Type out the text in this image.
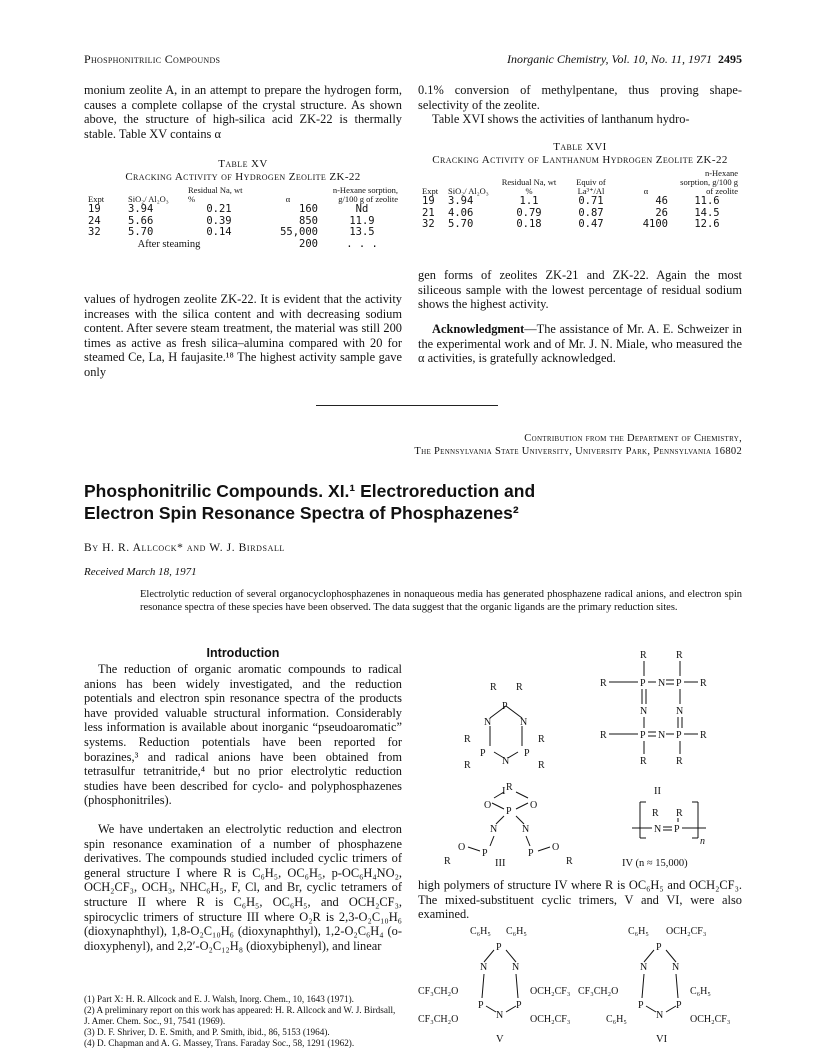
Phosphonitrilic Compounds	Inorganic Chemistry, Vol. 10, No. 11, 1971 2495

monium zeolite A, in an attempt to prepare the hydrogen form, causes a complete collapse of the crystal structure. As shown above, the structure of high-silica acid ZK-22 is thermally stable. Table XV contains α

Table XV
Cracking Activity of Hydrogen Zeolite ZK-22
Expt	SiO₂/ Al₂O₃	Residual Na, wt %	α	n-Hexane sorption, g/100 g of zeolite
19	3.94	0.21	160	Nd
24	5.66	0.39	850	11.9
32	5.70	0.14	55,000	13.5
After steaming			200	. . .

values of hydrogen zeolite ZK-22. It is evident that the activity increases with the silica content and with decreasing sodium content. After severe steam treatment, the material was still 200 times as active as fresh silica–alumina compared with 20 for steamed Ce, La, H faujasite.¹⁸ The highest activity sample gave only

0.1% conversion of methylpentane, thus proving shape-selectivity of the zeolite.

Table XVI shows the activities of lanthanum hydro-

Table XVI
Cracking Activity of Lanthanum Hydrogen Zeolite ZK-22
Expt	SiO₂/ Al₂O₃	Residual Na, wt %	Equiv of La³⁺/Al	α	n-Hexane sorption, g/100 g of zeolite
19	3.94	1.1	0.71	46	11.6
21	4.06	0.79	0.87	26	14.5
32	5.70	0.18	0.47	4100	12.6

gen forms of zeolites ZK-21 and ZK-22. Again the most siliceous sample with the lowest percentage of residual sodium shows the highest activity.

Acknowledgment—The assistance of Mr. A. E. Schweizer in the experimental work and of Mr. J. N. Miale, who measured the α activities, is gratefully acknowledged.

Contribution from the Department of Chemistry,
The Pennsylvania State University, University Park, Pennsylvania 16802
Phosphonitrilic Compounds. XI.¹ Electroreduction and
Electron Spin Resonance Spectra of Phosphazenes²
By H. R. Allcock* and W. J. Birdsall
Received March 18, 1971
Electrolytic reduction of several organocyclophosphazenes in nonaqueous media has generated phosphazene radical anions, and electron spin resonance spectra of these species have been observed. The data suggest that the organic ligands are the primary reduction sites.
Introduction

The reduction of organic aromatic compounds to radical anions has been widely investigated, and the reduction potentials and electron spin resonance spectra of the products have provided valuable structural information. Considerably less information is available about inorganic “pseudoaromatic” systems. Reduction potentials have been reported for borazines,³ and radical anions have been obtained from tetrasulfur tetranitride,⁴ but no prior electrolytic reduction studies have been described for cyclo- and polyphosphazenes (phosphonitriles).

We have undertaken an electrolytic reduction and electron spin resonance examination of a number of phosphazene derivatives. The compounds studied included cyclic trimers of general structure I where R is C₆H₅, OC₆H₅, p-OC₆H₄NO₂, OCH₂CF₃, OCH₃, NHC₆H₅, F, Cl, and Br, cyclic tetramers of structure II where R is C₆H₅, OC₆H₅, and OCH₂CF₃, spirocyclic trimers of structure III where O₂R is 2,3-O₂C₁₀H₆ (dioxynaphthyl), 1,8-O₂C₁₀H₆ (dioxynaphthyl), 1,2-O₂C₆H₄ (o-dioxyphenyl), and 2,2′-O₂C₁₂H₈ (dioxybiphenyl), and linear

(1) Part X: H. R. Allcock and E. J. Walsh, Inorg. Chem., 10, 1643 (1971).
(2) A preliminary report on this work has appeared: H. R. Allcock and W. J. Birdsall, J. Amer. Chem. Soc., 91, 7541 (1969).
(3) D. F. Shriver, D. E. Smith, and P. Smith, ibid., 86, 5153 (1964).
(4) D. Chapman and A. G. Massey, Trans. Faraday Soc., 58, 1291 (1962).
P
N	N
P	P
N
R R
R	R
R	R
I
R	R
R	P N P R
N	N
R	P N P R
R	R
II
P
N N
P	P
O	O
R
O	O
R	R
III
R R
N P
n
IV (n ≈ 15,000)

high polymers of structure IV where R is OC₆H₅ and OCH₂CF₃. The mixed-substituent cyclic trimers, V and VI, were also examined.

C₆H₅ C₆H₅
CF₃CH₂O	OCH₂CF₃
CF₃CH₂O	OCH₂CF₃
P
N N
P	P
N
V
C₆H₅ OCH₂CF₃
CF₃CH₂O	C₆H₅
C₆H₅	OCH₂CF₃
P
N N
P	P
N
VI
